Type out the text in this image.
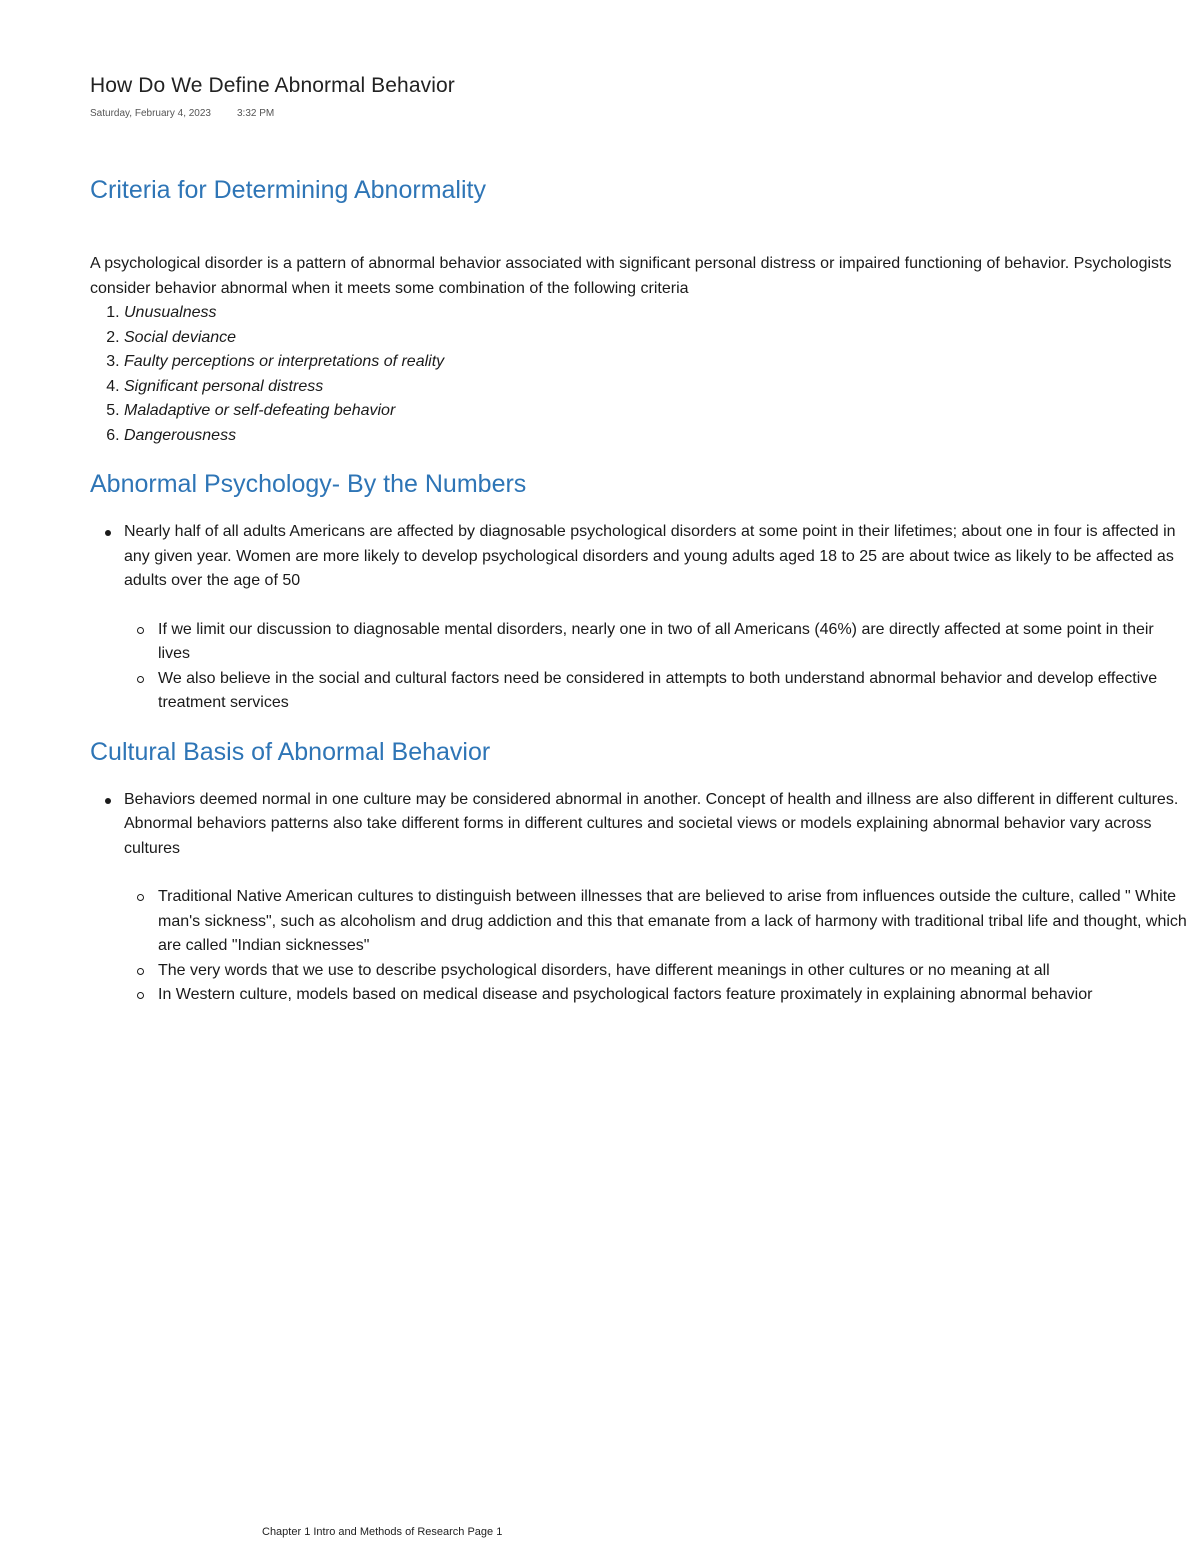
How Do We Define Abnormal Behavior
Saturday, February 4, 2023	3:32 PM
Criteria for Determining Abnormality

A psychological disorder is a pattern of abnormal behavior associated with significant personal distress or impaired functioning of behavior. Psychologists consider behavior abnormal when it meets some combination of the following criteria

1. Unusualness
2. Social deviance
3. Faulty perceptions or interpretations of reality
4. Significant personal distress
5. Maladaptive or self-defeating behavior
6. Dangerousness
Abnormal Psychology- By the Numbers
Nearly half of all adults Americans are affected by diagnosable psychological disorders at some point in their lifetimes; about one in four is affected in any given year. Women are more likely to develop psychological disorders and young adults aged 18 to 25 are about twice as likely to be affected as adults over the age of 50
If we limit our discussion to diagnosable mental disorders, nearly one in two of all Americans (46%) are directly affected at some point in their lives
We also believe in the social and cultural factors need be considered in attempts to both understand abnormal behavior and develop effective treatment services
Cultural Basis of Abnormal Behavior
Behaviors deemed normal in one culture may be considered abnormal in another. Concept of health and illness are also different in different cultures. Abnormal behaviors patterns also take different forms in different cultures and societal views or models explaining abnormal behavior vary across cultures
Traditional Native American cultures to distinguish between illnesses that are believed to arise from influences outside the culture, called " White man's sickness", such as alcoholism and drug addiction and this that emanate from a lack of harmony with traditional tribal life and thought, which are called "Indian sicknesses"
The very words that we use to describe psychological disorders, have different meanings in other cultures or no meaning at all
In Western culture, models based on medical disease and psychological factors feature proximately in explaining abnormal behavior
Chapter 1 Intro and Methods of Research Page 1
